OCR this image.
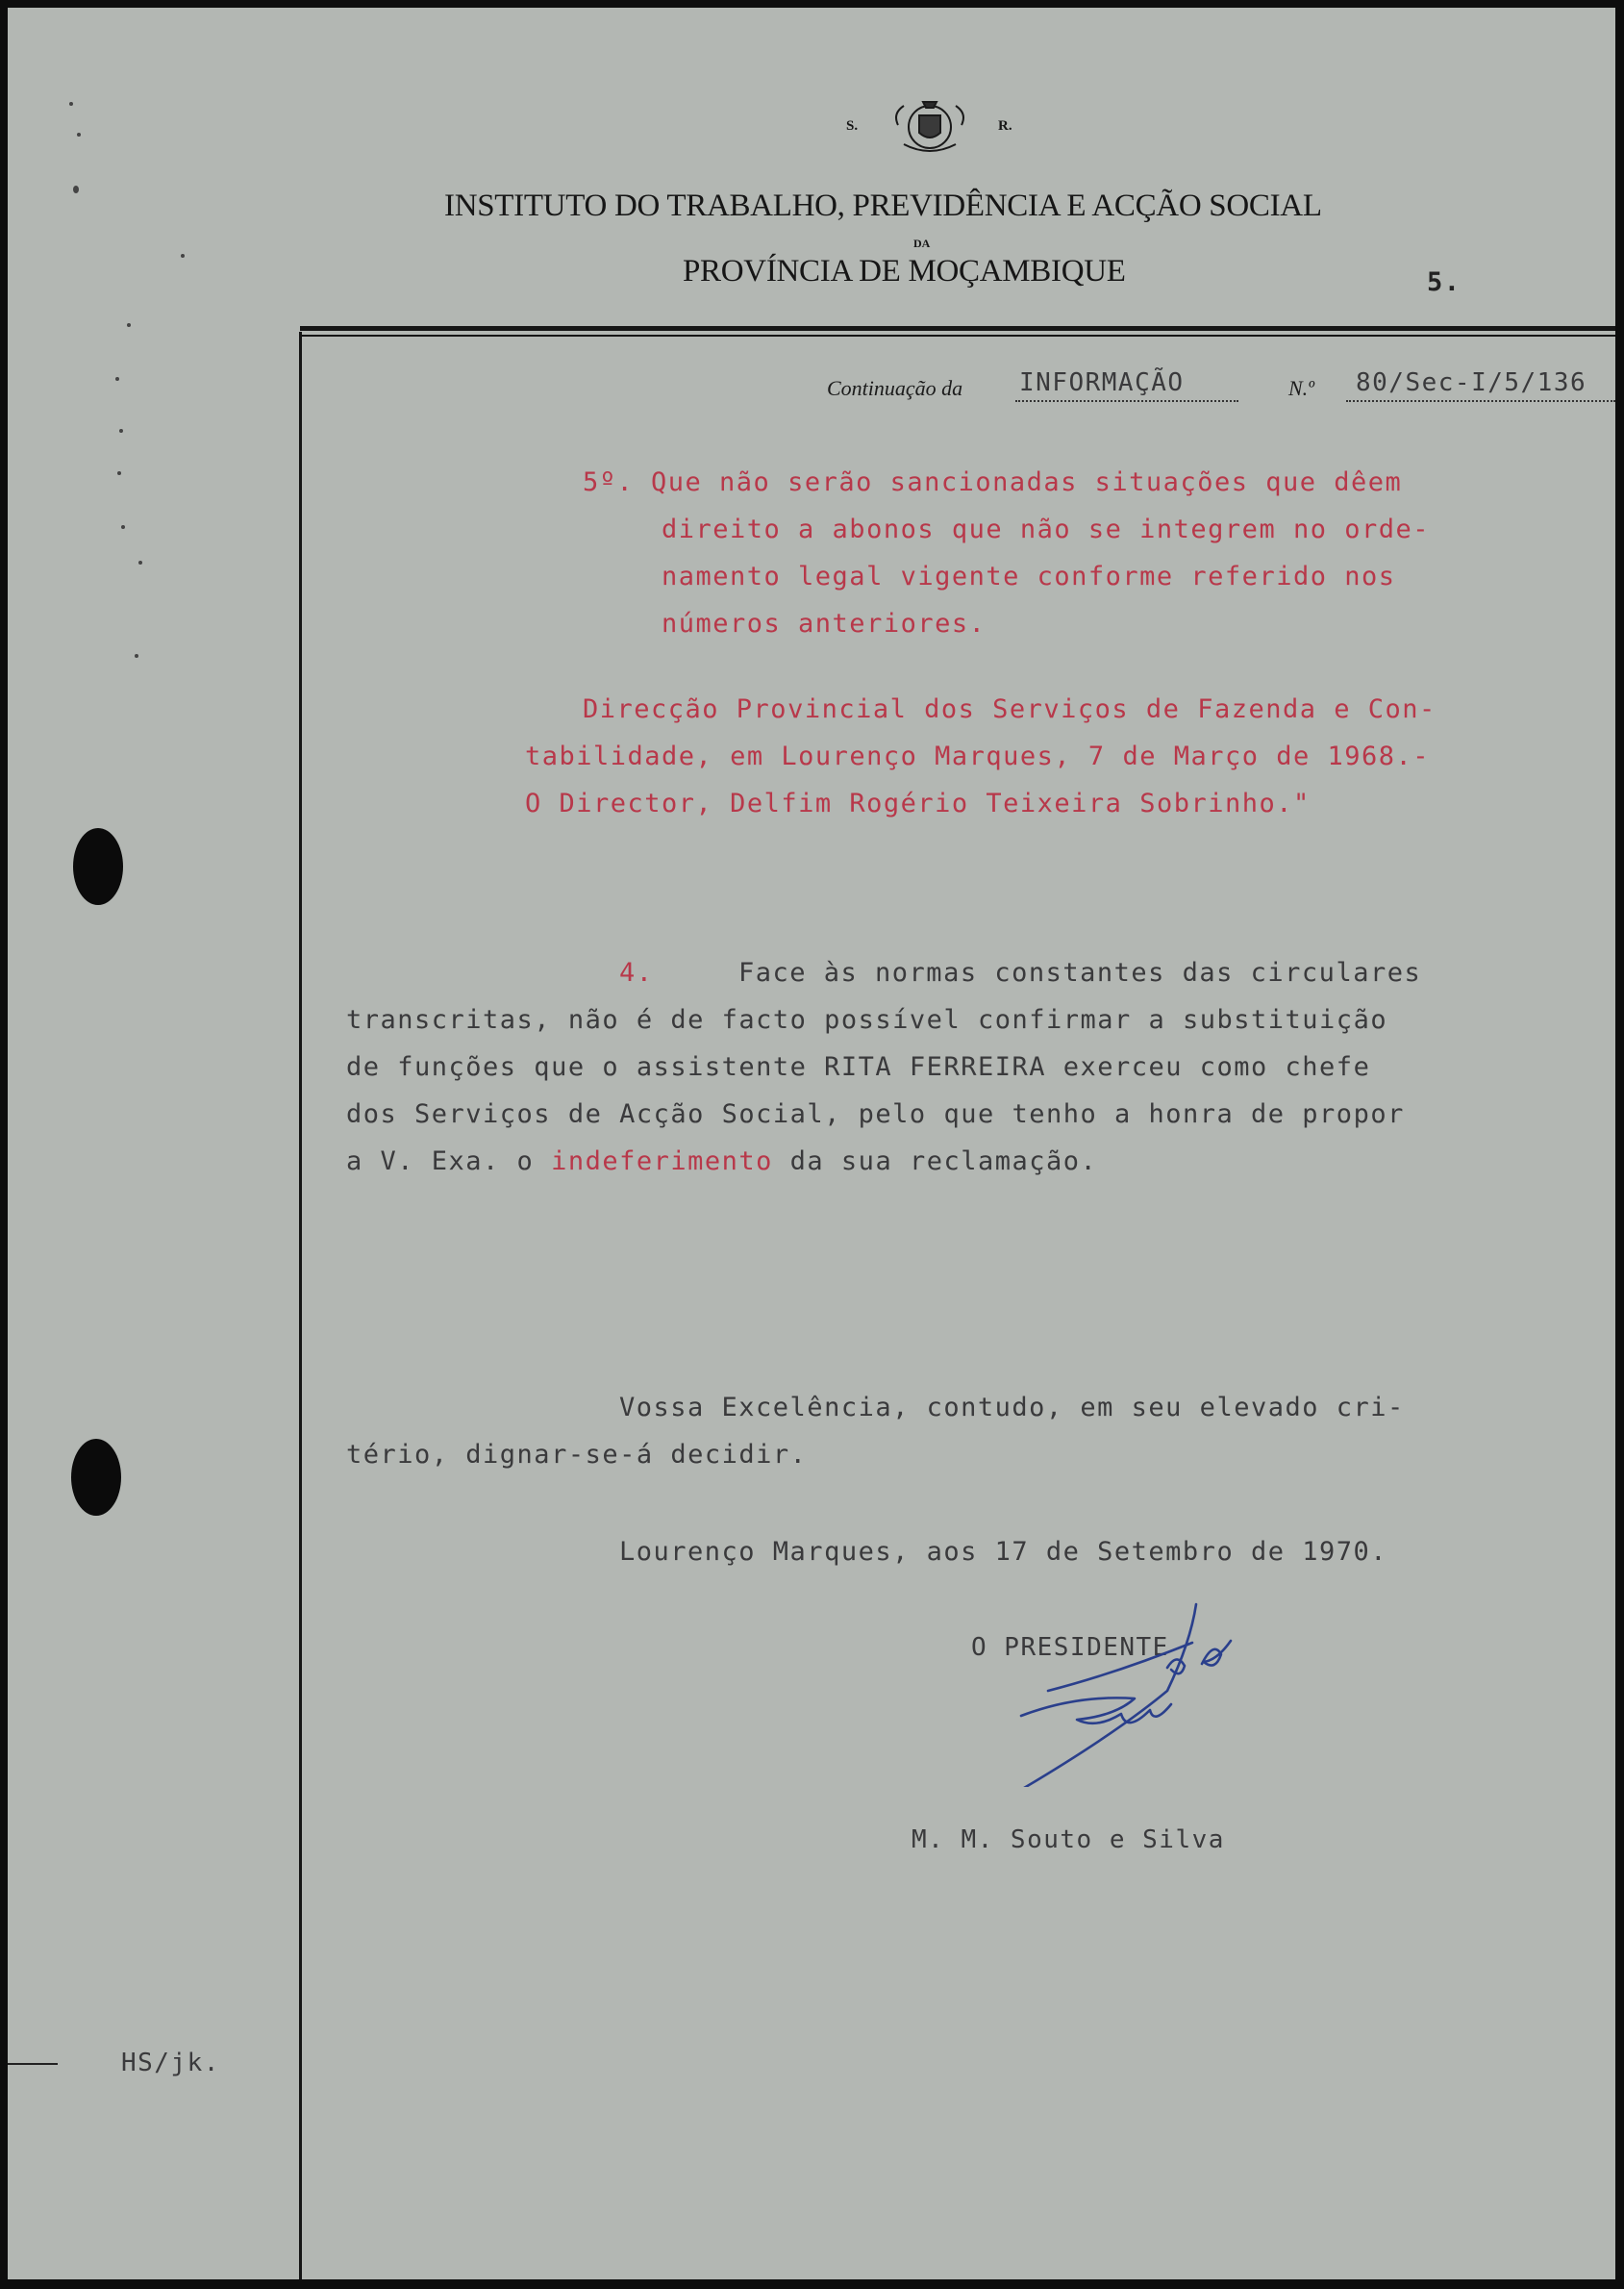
S.	R.
INSTITUTO DO TRABALHO, PREVIDÊNCIA E ACÇÃO SOCIAL
DA
PROVÍNCIA DE MOÇAMBIQUE	5.
Continuação da INFORMAÇÃO	N.º 80/Sec-I/5/136
5º. Que não serão sancionadas situações que dêem
direito a abonos que não se integrem no orde-
namento legal vigente conforme referido nos
números anteriores.
Direcção Provincial dos Serviços de Fazenda e Con-
tabilidade, em Lourenço Marques, 7 de Março de 1968.-
O Director, Delfim Rogério Teixeira Sobrinho."
4.	Face às normas constantes das circulares
transcritas, não é de facto possível confirmar a substituição
de funções que o assistente RITA FERREIRA exerceu como chefe
dos Serviços de Acção Social, pelo que tenho a honra de propor
a V. Exa. o indeferimento da sua reclamação.
Vossa Excelência, contudo, em seu elevado cri-
tério, dignar-se-á decidir.
Lourenço Marques, aos 17 de Setembro de 1970.
O PRESIDENTE
M. M. Souto e Silva
HS/jk.
